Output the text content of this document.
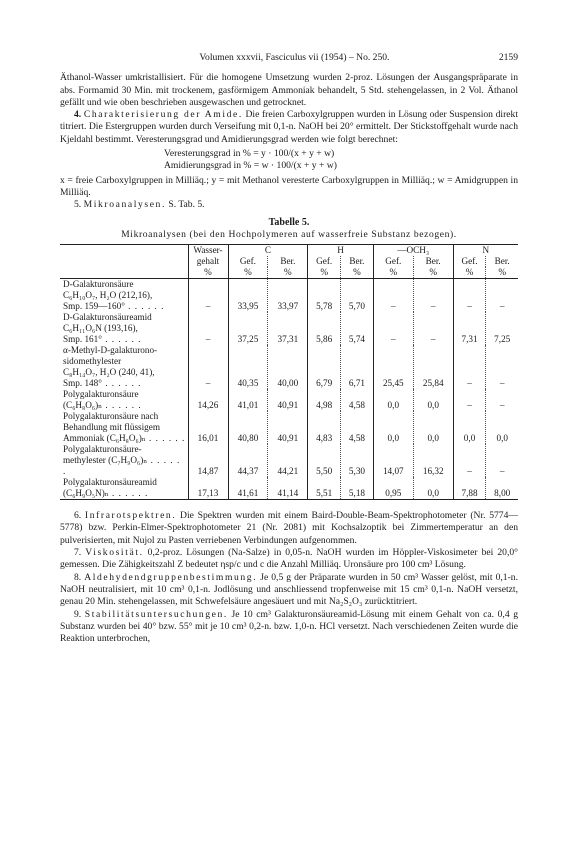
Volumen xxxvii, Fasciculus vii (1954) – No. 250.	2159

Äthanol-Wasser umkristallisiert. Für die homogene Umsetzung wurden 2-proz. Lösungen der Ausgangspräparate in abs. Formamid 30 Min. mit trockenem, gasförmigem Ammoniak behandelt, 5 Std. stehengelassen, in 2 Vol. Äthanol gefällt und wie oben beschrieben ausgewaschen und getrocknet.

4. Charakterisierung der Amide. Die freien Carboxylgruppen wurden in Lösung oder Suspension direkt titriert. Die Estergruppen wurden durch Verseifung mit 0,1-n. NaOH bei 20° ermittelt. Der Stickstoffgehalt wurde nach Kjeldahl bestimmt. Veresterungsgrad und Amidierungsgrad werden wie folgt berechnet:

Veresterungsgrad in % = y · 100/(x + y + w)
Amidierungsgrad in % = w · 100/(x + y + w)

x = freie Carboxylgruppen in Milliäq.; y = mit Methanol veresterte Carboxylgruppen in Milliäq.; w = Amidgruppen in Milliäq.

5. Mikroanalysen. S. Tab. 5.

Tabelle 5.
Mikroanalysen (bei den Hochpolymeren auf wasserfreie Substanz bezogen).
	Wasser-	C		H		—OCH₃		N	
	gehalt	Gef.	Ber.	Gef.	Ber.	Gef.	Ber.	Gef.	Ber.
	%	%	%	%	%	%	%	%	%

D-Galakturonsäure
C₆H₁₀O₇, H₂O (212,16),
Smp. 159—160° . . .	–	33,95	33,97	5,78	5,70	–	–	–	–

D-Galakturonsäureamid
C₆H₁₁O₆N (193,16),
Smp. 161° . . .	–	37,25	37,31	5,86	5,74	–	–	7,31	7,25

α-Methyl-D-galakturono-
sidomethylester
C₈H₁₄O₇, H₂O (240, 41),
Smp. 148° . . .	–	40,35	40,00	6,79	6,71	25,45	25,84	–	–

Polygalakturonsäure
(C₆H₈O₆)ₙ . . .	14,26	41,01	40,91	4,98	4,58	0,0	0,0	–	–

Polygalakturonsäure nach
Behandlung mit flüssigem
Ammoniak (C₆H₈O₆)ₙ . . .	16,01	40,80	40,91	4,83	4,58	0,0	0,0	0,0	0,0

Polygalakturonsäure-
methylester (C₇H₉O₆)ₙ . . .	14,87	44,37	44,21	5,50	5,30	14,07	16,32	–	–

Polygalakturonsäureamid
(C₆H₉O₅N)ₙ . . .	17,13	41,61	41,14	5,51	5,18	0,95	0,0	7,88	8,00

6. Infrarotspektren. Die Spektren wurden mit einem Baird-Double-Beam-Spektrophotometer (Nr. 5774—5778) bzw. Perkin-Elmer-Spektrophotometer 21 (Nr. 2081) mit Kochsalzoptik bei Zimmertemperatur an den pulverisierten, mit Nujol zu Pasten verriebenen Verbindungen aufgenommen.

7. Viskosität. 0,2-proz. Lösungen (Na-Salze) in 0,05-n. NaOH wurden im Höppler-Viskosimeter bei 20,0° gemessen. Die Zähigkeitszahl Z bedeutet ηsp/c und c die Anzahl Milliäq. Uronsäure pro 100 cm³ Lösung.

8. Aldehydendgruppenbestimmung. Je 0,5 g der Präparate wurden in 50 cm³ Wasser gelöst, mit 0,1-n. NaOH neutralisiert, mit 10 cm³ 0,1-n. Jodlösung und anschliessend tropfenweise mit 15 cm³ 0,1-n. NaOH versetzt, genau 20 Min. stehengelassen, mit Schwefelsäure angesäuert und mit Na₂S₂O₃ zurücktitriert.

9. Stabilitätsuntersuchungen. Je 10 cm³ Galakturonsäureamid-Lösung mit einem Gehalt von ca. 0,4 g Substanz wurden bei 40° bzw. 55° mit je 10 cm³ 0,2-n. bzw. 1,0-n. HCl versetzt. Nach verschiedenen Zeiten wurde die Reaktion unterbrochen,
